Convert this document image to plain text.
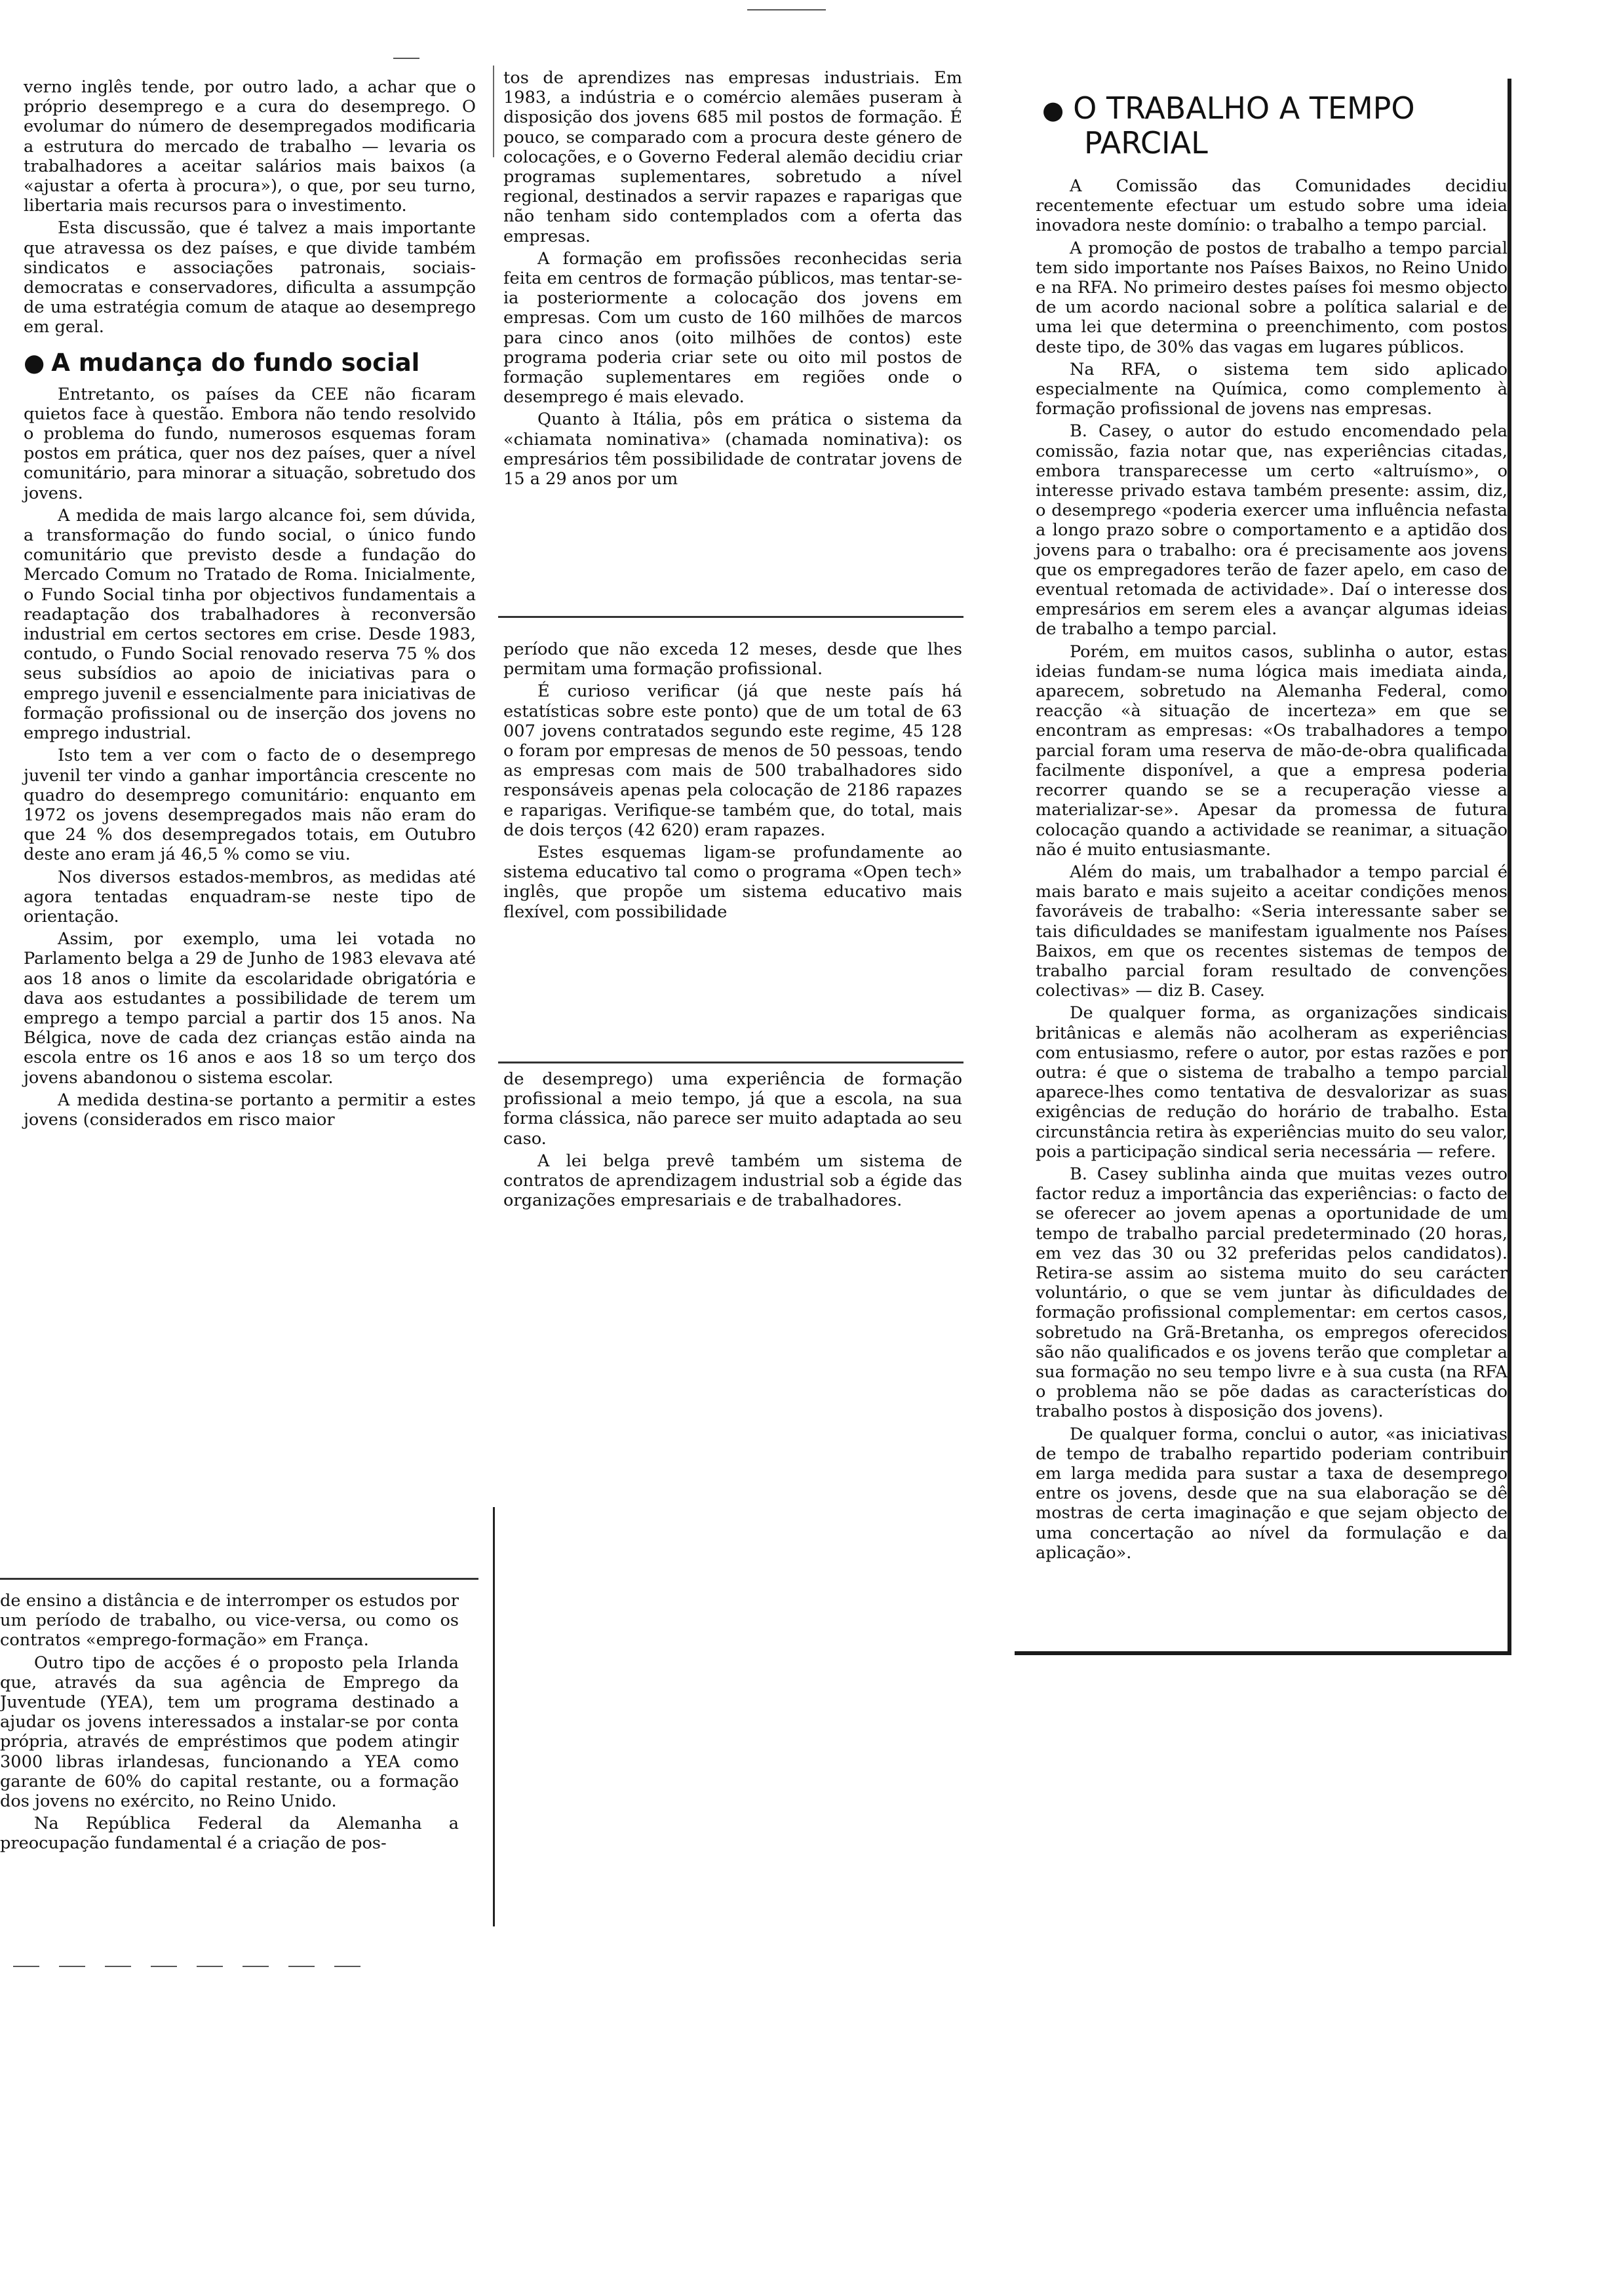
verno inglês tende, por outro lado, a achar que o próprio desemprego e a cura do desemprego. O evolumar do número de desempregados modificaria a estrutura do mercado de trabalho — levaria os trabalhadores a aceitar salários mais baixos (a «ajustar a oferta à procura»), o que, por seu turno, libertaria mais recursos para o investimento.

Esta discussão, que é talvez a mais importante que atravessa os dez países, e que divide também sindicatos e associações patronais, sociais-democratas e conservadores, dificulta a assumpção de uma estratégia comum de ataque ao desemprego em geral.

● A mudança do fundo social

Entretanto, os países da CEE não ficaram quietos face à questão. Embora não tendo resolvido o problema do fundo, numerosos esquemas foram postos em prática, quer nos dez países, quer a nível comunitário, para minorar a situação, sobretudo dos jovens.

A medida de mais largo alcance foi, sem dúvida, a transformação do fundo social, o único fundo comunitário que previsto desde a fundação do Mercado Comum no Tratado de Roma. Inicialmente, o Fundo Social tinha por objectivos fundamentais a readaptação dos trabalhadores à reconversão industrial em certos sectores em crise. Desde 1983, contudo, o Fundo Social renovado reserva 75 % dos seus subsídios ao apoio de iniciativas para o emprego juvenil e essencialmente para iniciativas de formação profissional ou de inserção dos jovens no emprego industrial.

Isto tem a ver com o facto de o desemprego juvenil ter vindo a ganhar importância crescente no quadro do desemprego comunitário: enquanto em 1972 os jovens desempregados mais não eram do que 24 % dos desempregados totais, em Outubro deste ano eram já 46,5 % como se viu.

Nos diversos estados-membros, as medidas até agora tentadas enquadram-se neste tipo de orientação.

Assim, por exemplo, uma lei votada no Parlamento belga a 29 de Junho de 1983 elevava até aos 18 anos o limite da escolaridade obrigatória e dava aos estudantes a possibilidade de terem um emprego a tempo parcial a partir dos 15 anos. Na Bélgica, nove de cada dez crianças estão ainda na escola entre os 16 anos e aos 18 so um terço dos jovens abandonou o sistema escolar.

A medida destina-se portanto a permitir a estes jovens (considerados em risco maior

de ensino a distância e de interromper os estudos por um período de trabalho, ou vice-versa, ou como os contratos «emprego-formação» em França.

Outro tipo de acções é o proposto pela Irlanda que, através da sua agência de Emprego da Juventude (YEA), tem um programa destinado a ajudar os jovens interessados a instalar-se por conta própria, através de empréstimos que podem atingir 3000 libras irlandesas, funcionando a YEA como garante de 60% do capital restante, ou a formação dos jovens no exército, no Reino Unido.

Na República Federal da Alemanha a preocupação fundamental é a criação de pos-

tos de aprendizes nas empresas industriais. Em 1983, a indústria e o comércio alemães puseram à disposição dos jovens 685 mil postos de formação. É pouco, se comparado com a procura deste género de colocações, e o Governo Federal alemão decidiu criar programas suplementares, sobretudo a nível regional, destinados a servir rapazes e raparigas que não tenham sido contemplados com a oferta das empresas.

A formação em profissões reconhecidas seria feita em centros de formação públicos, mas tentar-se-ia posteriormente a colocação dos jovens em empresas. Com um custo de 160 milhões de marcos para cinco anos (oito milhões de contos) este programa poderia criar sete ou oito mil postos de formação suplementares em regiões onde o desemprego é mais elevado.

Quanto à Itália, pôs em prática o sistema da «chiamata nominativa» (chamada nominativa): os empresários têm possibilidade de contratar jovens de 15 a 29 anos por um

período que não exceda 12 meses, desde que lhes permitam uma formação profissional.

É curioso verificar (já que neste país há estatísticas sobre este ponto) que de um total de 63 007 jovens contratados segundo este regime, 45 128 o foram por empresas de menos de 50 pessoas, tendo as empresas com mais de 500 trabalhadores sido responsáveis apenas pela colocação de 2186 rapazes e raparigas. Verifique-se também que, do total, mais de dois terços (42 620) eram rapazes.

Estes esquemas ligam-se profundamente ao sistema educativo tal como o programa «Open tech» inglês, que propõe um sistema educativo mais flexível, com possibilidade

de desemprego) uma experiência de formação profissional a meio tempo, já que a escola, na sua forma clássica, não parece ser muito adaptada ao seu caso.

A lei belga prevê também um sistema de contratos de aprendizagem industrial sob a égide das organizações empresariais e de trabalhadores.

● O TRABALHO A TEMPO
PARCIAL

A Comissão das Comunidades decidiu recentemente efectuar um estudo sobre uma ideia inovadora neste domínio: o trabalho a tempo parcial.

A promoção de postos de trabalho a tempo parcial tem sido importante nos Países Baixos, no Reino Unido e na RFA. No primeiro destes países foi mesmo objecto de um acordo nacional sobre a política salarial e de uma lei que determina o preenchimento, com postos deste tipo, de 30% das vagas em lugares públicos.

Na RFA, o sistema tem sido aplicado especialmente na Química, como complemento à formação profissional de jovens nas empresas.

B. Casey, o autor do estudo encomendado pela comissão, fazia notar que, nas experiências citadas, embora transparecesse um certo «altruísmo», o interesse privado estava também presente: assim, diz, o desemprego «poderia exercer uma influência nefasta a longo prazo sobre o comportamento e a aptidão dos jovens para o trabalho: ora é precisamente aos jovens que os empregadores terão de fazer apelo, em caso de eventual retomada de actividade». Daí o interesse dos empresários em serem eles a avançar algumas ideias de trabalho a tempo parcial.

Porém, em muitos casos, sublinha o autor, estas ideias fundam-se numa lógica mais imediata ainda, aparecem, sobretudo na Alemanha Federal, como reacção «à situação de incerteza» em que se encontram as empresas: «Os trabalhadores a tempo parcial foram uma reserva de mão-de-obra qualificada facilmente disponível, a que a empresa poderia recorrer quando se se a recuperação viesse a materializar-se». Apesar da promessa de futura colocação quando a actividade se reanimar, a situação não é muito entusiasmante.

Além do mais, um trabalhador a tempo parcial é mais barato e mais sujeito a aceitar condições menos favoráveis de trabalho: «Seria interessante saber se tais dificuldades se manifestam igualmente nos Países Baixos, em que os recentes sistemas de tempos de trabalho parcial foram resultado de convenções colectivas» — diz B. Casey.

De qualquer forma, as organizações sindicais britânicas e alemãs não acolheram as experiências com entusiasmo, refere o autor, por estas razões e por outra: é que o sistema de trabalho a tempo parcial aparece-lhes como tentativa de desvalorizar as suas exigências de redução do horário de trabalho. Esta circunstância retira às experiências muito do seu valor, pois a participação sindical seria necessária — refere.

B. Casey sublinha ainda que muitas vezes outro factor reduz a importância das experiências: o facto de se oferecer ao jovem apenas a oportunidade de um tempo de trabalho parcial predeterminado (20 horas, em vez das 30 ou 32 preferidas pelos candidatos). Retira-se assim ao sistema muito do seu carácter voluntário, o que se vem juntar às dificuldades de formação profissional complementar: em certos casos, sobretudo na Grã-Bretanha, os empregos oferecidos são não qualificados e os jovens terão que completar a sua formação no seu tempo livre e à sua custa (na RFA o problema não se põe dadas as características do trabalho postos à disposição dos jovens).

De qualquer forma, conclui o autor, «as iniciativas de tempo de trabalho repartido poderiam contribuir em larga medida para sustar a taxa de desemprego entre os jovens, desde que na sua elaboração se dê mostras de certa imaginação e que sejam objecto de uma concertação ao nível da formulação e da aplicação».
